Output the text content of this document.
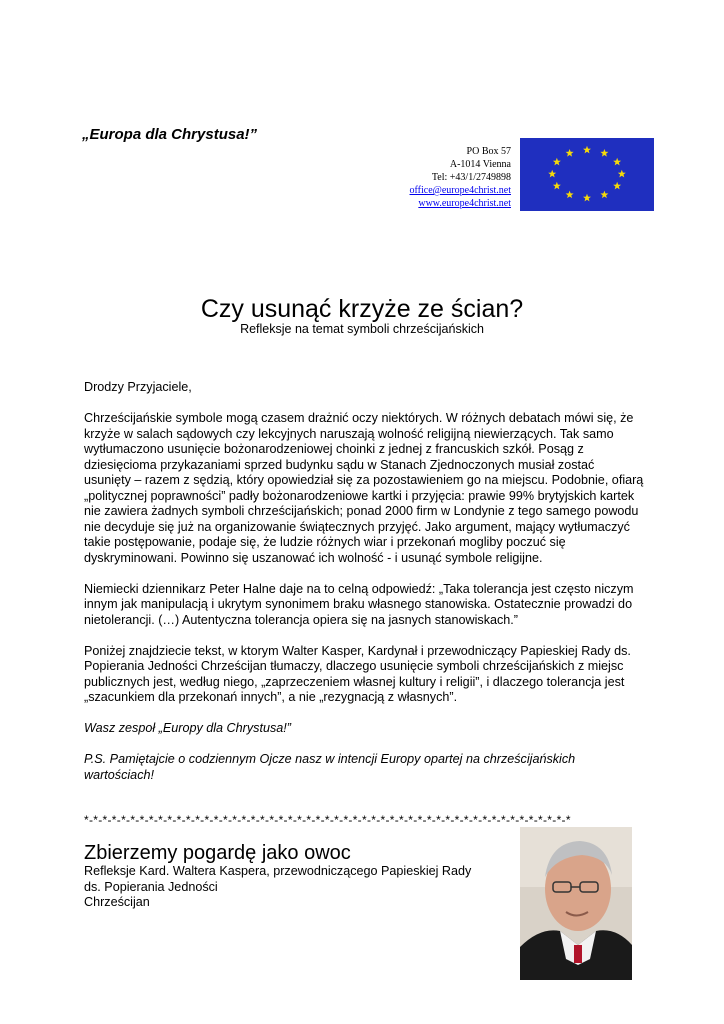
„Europa dla Chrystusa!”
PO Box 57
A-1014 Vienna
Tel: +43/1/2749898
office@europe4christ.net
www.europe4christ.net
Czy usunąć krzyże ze ścian?
Refleksje na temat symboli chrześcijańskich

Drodzy Przyjaciele,

Chrześcijańskie symbole mogą czasem drażnić oczy niektórych. W różnych debatach mówi się, że krzyże w salach sądowych czy lekcyjnych naruszają wolność religijną niewierzących. Tak samo wytłumaczono usunięcie bożonarodzeniowej choinki z jednej z francuskich szkół. Posąg z dziesięcioma przykazaniami sprzed budynku sądu w Stanach Zjednoczonych musiał zostać usunięty – razem z sędzią, który opowiedział się za pozostawieniem go na miejscu. Podobnie, ofiarą „politycznej poprawności” padły bożonarodzeniowe kartki i przyjęcia: prawie 99% brytyjskich kartek nie zawiera żadnych symboli chrześcijańskich; ponad 2000 firm w Londynie z tego samego powodu nie decyduje się już na organizowanie świątecznych przyjęć. Jako argument, mający wytłumaczyć takie postępowanie, podaje się, że ludzie różnych wiar i przekonań mogliby poczuć się dyskryminowani. Powinno się uszanować ich wolność - i usunąć symbole religijne.

Niemiecki dziennikarz Peter Halne daje na to celną odpowiedź: „Taka tolerancja jest często niczym innym jak manipulacją i ukrytym synonimem braku własnego stanowiska. Ostatecznie prowadzi do nietolerancji. (…) Autentyczna tolerancja opiera się na jasnych stanowiskach.”

Poniżej znajdziecie tekst, w ktorym Walter Kasper, Kardynał i przewodniczący Papieskiej Rady ds. Popierania Jedności Chrześcijan tłumaczy, dlaczego usunięcie symboli chrześcijańskich z miejsc publicznych jest, według niego, „zaprzeczeniem własnej kultury i religii”, i dlaczego tolerancja jest „szacunkiem dla przekonań innych”, a nie „rezygnacją z własnych”.

Wasz zespoł „Europy dla Chrystusa!”

P.S. Pamiętajcie o codziennym Ojcze nasz w intencji Europy opartej na chrześcijańskich wartościach!

*-*-*-*-*-*-*-*-*-*-*-*-*-*-*-*-*-*-*-*-*-*-*-*-*-*-*-*-*-*-*-*-*-*-*-*-*-*-*-*-*-*-*-*-*-*-*-*-*-*-*-*-*
Zbierzemy pogardę jako owoc
Refleksje Kard. Waltera Kaspera, przewodniczącego Papieskiej Rady
ds. Popierania Jedności
Chrześcijan
